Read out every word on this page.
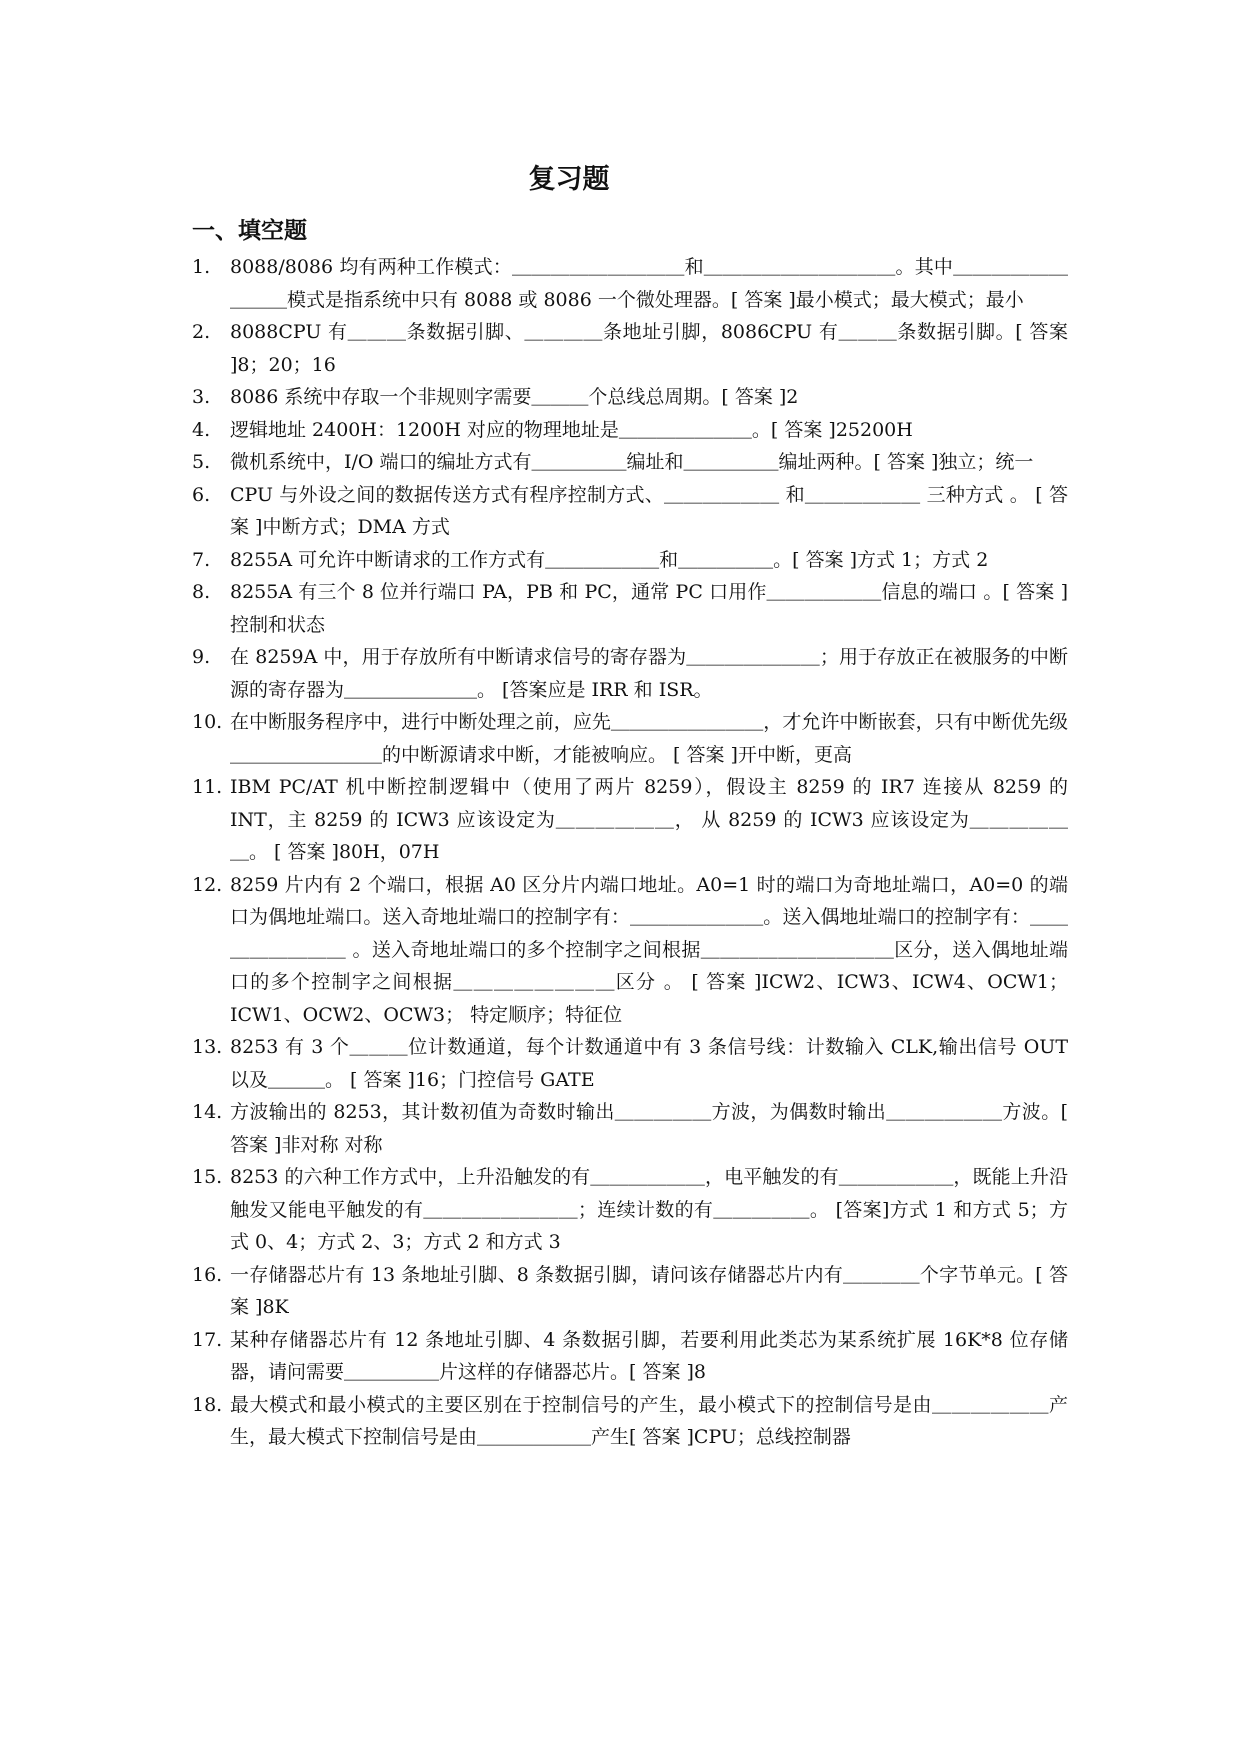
复习题
一、填空题
1. 8088/8086 均有两种工作模式：＿＿＿＿＿＿＿＿＿和＿＿＿＿＿＿＿＿＿＿。其中＿＿＿＿＿＿＿＿＿模式是指系统中只有 8088 或 8086 一个微处理器。[ 答案 ]最小模式；最大模式；最小
2. 8088CPU 有＿＿＿条数据引脚、＿＿＿＿条地址引脚，8086CPU 有＿＿＿条数据引脚。[ 答案 ]8；20；16
3. 8086 系统中存取一个非规则字需要＿＿＿个总线总周期。[ 答案 ]2
4. 逻辑地址 2400H：1200H 对应的物理地址是＿＿＿＿＿＿＿。[ 答案 ]25200H
5. 微机系统中，I/O 端口的编址方式有＿＿＿＿＿编址和＿＿＿＿＿编址两种。[ 答案 ]独立；统一
6. CPU 与外设之间的数据传送方式有程序控制方式、＿＿＿＿＿＿ 和＿＿＿＿＿＿ 三种方式 。 [ 答案 ]中断方式；DMA 方式
7. 8255A 可允许中断请求的工作方式有＿＿＿＿＿＿和＿＿＿＿＿。[ 答案 ]方式 1；方式 2
8. 8255A 有三个 8 位并行端口 PA，PB 和 PC，通常 PC 口用作＿＿＿＿＿＿信息的端口 。[ 答案 ]控制和状态
9. 在 8259A 中，用于存放所有中断请求信号的寄存器为＿＿＿＿＿＿＿；用于存放正在被服务的中断源的寄存器为＿＿＿＿＿＿＿。 [答案应是 IRR 和 ISR。
10. 在中断服务程序中，进行中断处理之前，应先＿＿＿＿＿＿＿＿，才允许中断嵌套，只有中断优先级＿＿＿＿＿＿＿＿的中断源请求中断，才能被响应。 [ 答案 ]开中断，更高
11. IBM PC/AT 机中断控制逻辑中（使用了两片 8259），假设主 8259 的 IR7 连接从 8259 的 INT，主 8259 的 ICW3 应该设定为＿＿＿＿＿＿， 从 8259 的 ICW3 应该设定为＿＿＿＿＿＿。 [ 答案 ]80H，07H
12. 8259 片内有 2 个端口，根据 A0 区分片内端口地址。A0=1 时的端口为奇地址端口，A0=0 的端口为偶地址端口。送入奇地址端口的控制字有：＿＿＿＿＿＿＿。送入偶地址端口的控制字有：＿＿＿＿＿＿＿＿ 。送入奇地址端口的多个控制字之间根据＿＿＿＿＿＿＿＿＿＿区分，送入偶地址端口的多个控制字之间根据＿＿＿＿＿＿＿＿区分 。 [ 答案 ]ICW2、ICW3、ICW4、OCW1；ICW1、OCW2、OCW3； 特定顺序；特征位
13. 8253 有 3 个＿＿＿位计数通道，每个计数通道中有 3 条信号线：计数输入 CLK,输出信号 OUT 以及＿＿＿。 [ 答案 ]16；门控信号 GATE
14. 方波输出的 8253，其计数初值为奇数时输出＿＿＿＿＿方波，为偶数时输出＿＿＿＿＿＿方波。[ 答案 ]非对称 对称
15. 8253 的六种工作方式中，上升沿触发的有＿＿＿＿＿＿，电平触发的有＿＿＿＿＿＿，既能上升沿触发又能电平触发的有＿＿＿＿＿＿＿＿；连续计数的有＿＿＿＿＿。 [答案]方式 1 和方式 5；方式 0、4；方式 2、3；方式 2 和方式 3
16. 一存储器芯片有 13 条地址引脚、8 条数据引脚，请问该存储器芯片内有＿＿＿＿个字节单元。[ 答案 ]8K
17. 某种存储器芯片有 12 条地址引脚、4 条数据引脚，若要利用此类芯为某系统扩展 16K*8 位存储器，请问需要＿＿＿＿＿片这样的存储器芯片。[ 答案 ]8
18. 最大模式和最小模式的主要区别在于控制信号的产生，最小模式下的控制信号是由＿＿＿＿＿＿产生，最大模式下控制信号是由＿＿＿＿＿＿产生[ 答案 ]CPU；总线控制器
